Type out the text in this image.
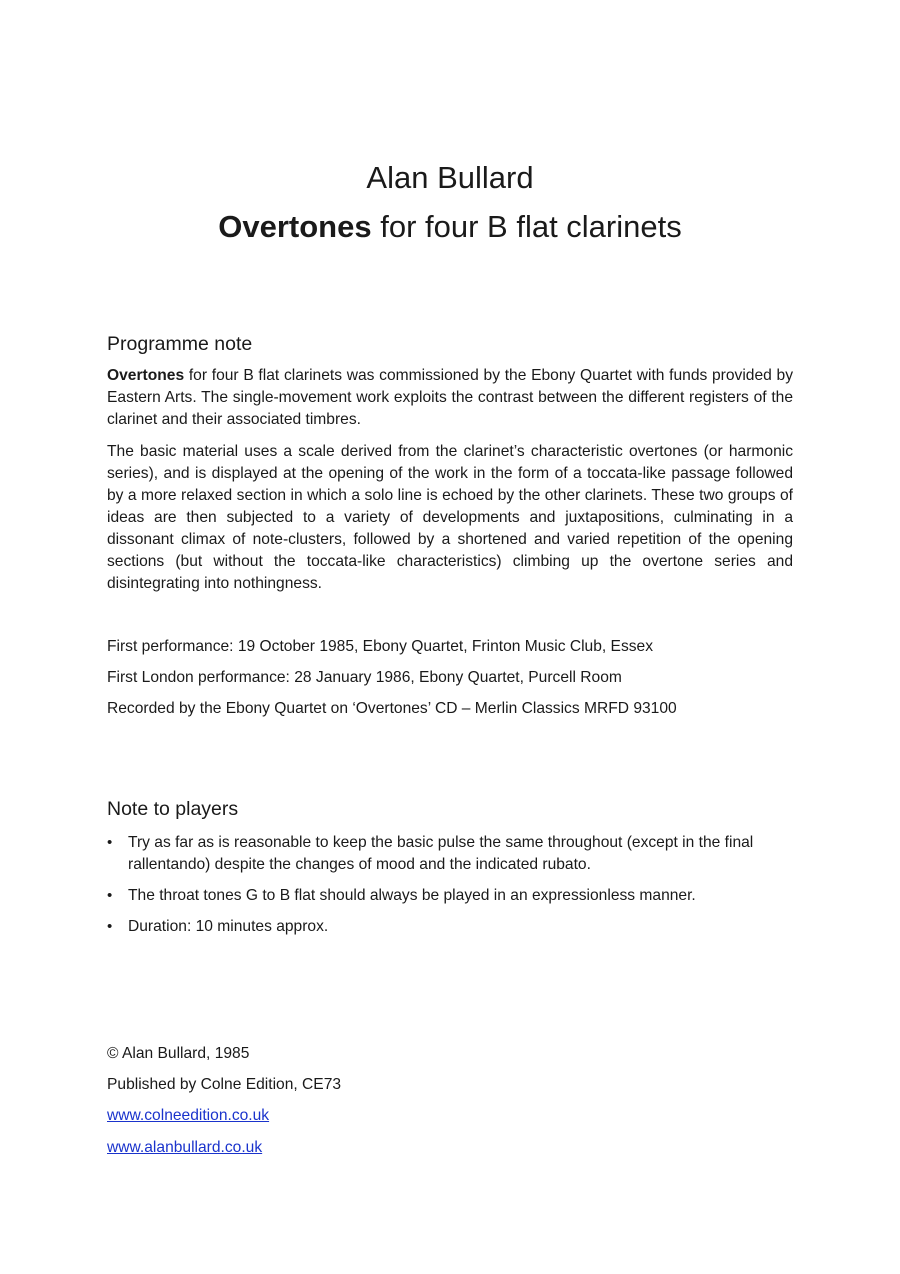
Alan Bullard
Overtones for four B flat clarinets
Programme note
Overtones for four B flat clarinets was commissioned by the Ebony Quartet with funds provided by Eastern Arts. The single-movement work exploits the contrast between the different registers of the clarinet and their associated timbres.
The basic material uses a scale derived from the clarinet’s characteristic overtones (or harmonic series), and is displayed at the opening of the work in the form of a toccata-like passage followed by a more relaxed section in which a solo line is echoed by the other clarinets. These two groups of ideas are then subjected to a variety of developments and juxtapositions, culminating in a dissonant climax of note-clusters, followed by a shortened and varied repetition of the opening sections (but without the toccata-like characteristics) climbing up the overtone series and disintegrating into nothingness.
First performance: 19 October 1985, Ebony Quartet, Frinton Music Club, Essex
First London performance: 28 January 1986, Ebony Quartet, Purcell Room
Recorded by the Ebony Quartet on ‘Overtones’ CD – Merlin Classics MRFD 93100
Note to players
• Try as far as is reasonable to keep the basic pulse the same throughout (except in the final rallentando) despite the changes of mood and the indicated rubato.
• The throat tones G to B flat should always be played in an expressionless manner.
• Duration: 10 minutes approx.
© Alan Bullard, 1985
Published by Colne Edition, CE73
www.colneedition.co.uk
www.alanbullard.co.uk
